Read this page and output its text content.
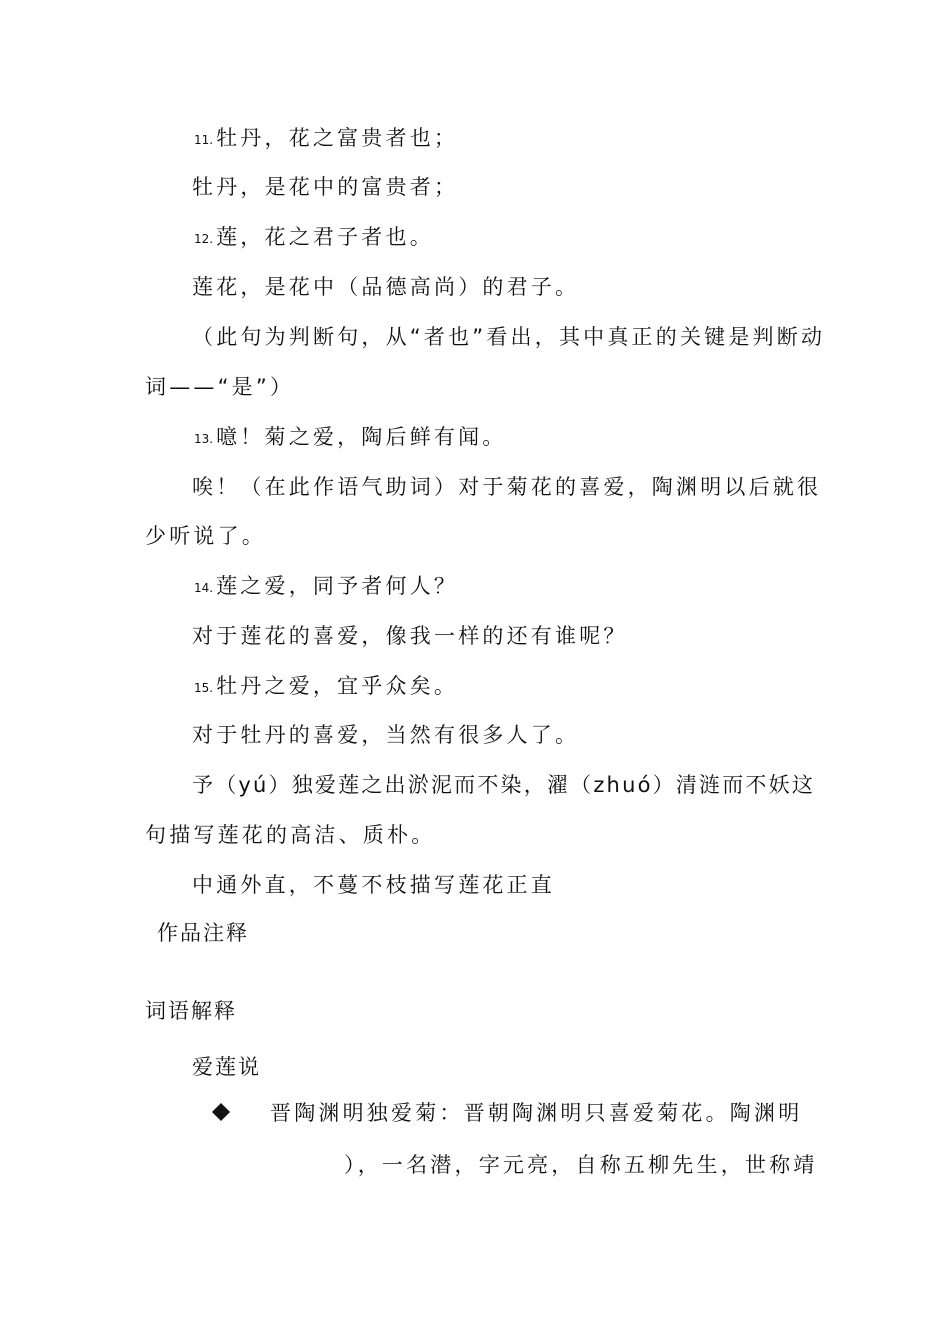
11. 牡丹，花之富贵者也；
牡丹，是花中的富贵者；
12. 莲，花之君子者也。
莲花，是花中（品德高尚）的君子。
（此句为判断句，从“者也”看出，其中真正的关键是判断动
词——“是”）
13. 噫！菊之爱，陶后鲜有闻。
唉！（在此作语气助词）对于菊花的喜爱，陶渊明以后就很
少听说了。
14. 莲之爱，同予者何人？
对于莲花的喜爱，像我一样的还有谁呢？
15. 牡丹之爱，宜乎众矣。
对于牡丹的喜爱，当然有很多人了。
予（yú）独爱莲之出淤泥而不染，濯（zhuó）清涟而不妖这
句描写莲花的高洁、质朴。
中通外直，不蔓不枝描写莲花正直
作品注释
词语解释
爱莲说
晋陶渊明独爱菊：晋朝陶渊明只喜爱菊花。陶渊明
），一名潜，字元亮，自称五柳先生，世称靖
